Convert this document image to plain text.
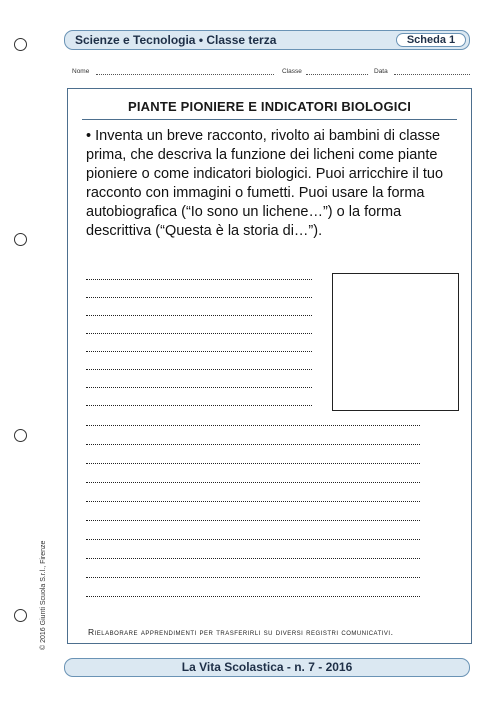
Scienze e Tecnologia • Classe terza	Scheda 1
Nome	Classe	Data
PIANTE PIONIERE E INDICATORI BIOLOGICI
• Inventa un breve racconto, rivolto ai bambini di classe prima, che descriva la funzione dei licheni come piante pioniere o come indicatori biologici. Puoi arricchire il tuo racconto con immagini o fumetti. Puoi usare la forma autobiografica (“Io sono un lichene…”) o la forma descrittiva (“Questa è la storia di…”).
Rielaborare apprendimenti per trasferirli su diversi registri comunicativi.
© 2016 Giunti Scuola S.r.l., Firenze
La Vita Scolastica - n. 7 - 2016
